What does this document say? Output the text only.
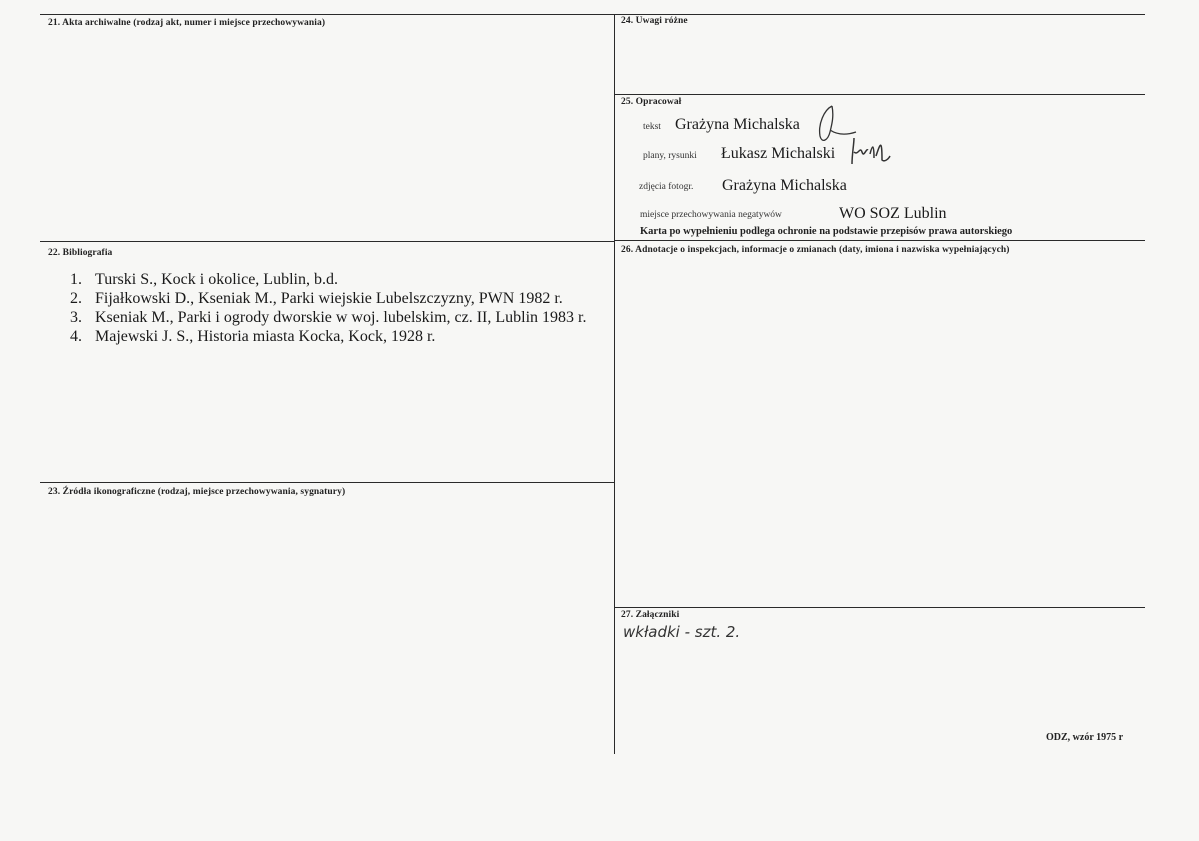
21. Akta archiwalne (rodzaj akt, numer i miejsce przechowywania)
22. Bibliografia
1. Turski S., Kock i okolice, Lublin, b.d.
2. Fijałkowski D., Kseniak M., Parki wiejskie Lubelszczyzny, PWN 1982 r.
3. Kseniak M., Parki i ogrody dworskie w woj. lubelskim, cz. II, Lublin 1983 r.
4. Majewski J. S., Historia miasta Kocka, Kock, 1928 r.
23. Źródła ikonograficzne (rodzaj, miejsce przechowywania, sygnatury)
24. Uwagi różne
25. Opracował
tekst Grażyna Michalska
plany, rysunki Łukasz Michalski
zdjęcia fotogr. Grażyna Michalska
miejsce przechowywania negatywów	WO SOZ Lublin
Karta po wypełnieniu podlega ochronie na podstawie przepisów prawa autorskiego
26. Adnotacje o inspekcjach, informacje o zmianach (daty, imiona i nazwiska wypełniających)
27. Załączniki
wkładki - szt. 2.
ODZ, wzór 1975 r
